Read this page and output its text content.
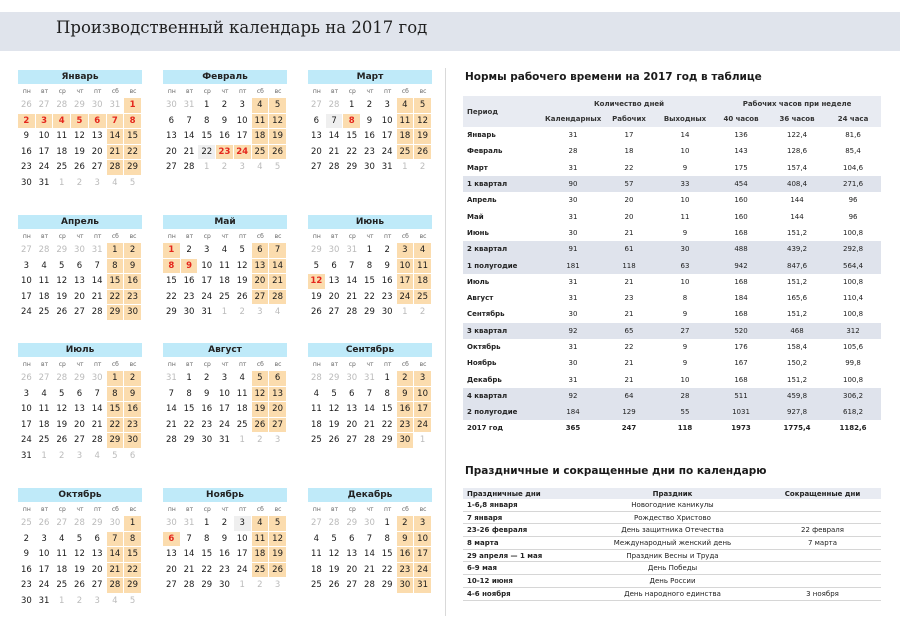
Производственный календарь на 2017 год
Январь
пн	вт	ср	чт	пт	сб	вс
26 27 28 29 30 31	1
2	3	4	5	6	7	8
9	10 11 12 13 14 15
16 17 18 19 20 21 22
23 24 25 26 27 28 29
30 31	1	2	3	4	5
Февраль
пн	вт	ср	чт	пт	сб	вс
30 31	1	2	3	4	5
6	7	8	9	10 11 12
13 14 15 16 17 18 19
20 21 22 23 24 25 26
27 28	1	2	3	4	5
Март
пн	вт	ср	чт	пт	сб	вс
27 28	1	2	3	4	5
6	7	8	9	10 11 12
13 14 15 16 17 18 19
20 21 22 23 24 25 26
27 28 29 30 31	1	2
Апрель
пн	вт	ср	чт	пт	сб	вс
27 28 29 30 31	1	2
3	4	5	6	7	8	9
10 11 12 13 14 15 16
17 18 19 20 21 22 23
24 25 26 27 28 29 30
Май
пн	вт	ср	чт	пт	сб	вс
1	2	3	4	5	6	7
8	9	10 11 12 13 14
15 16 17 18 19 20 21
22 23 24 25 26 27 28
29 30 31	1	2	3	4
Июнь
пн	вт	ср	чт	пт	сб	вс
29 30 31	1	2	3	4
5	6	7	8	9	10 11
12 13 14 15 16 17 18
19 20 21 22 23 24 25
26 27 28 29 30	1	2
Июль
пн	вт	ср	чт	пт	сб	вс
26 27 28 29 30	1	2
3	4	5	6	7	8	9
10 11 12 13 14 15 16
17 18 19 20 21 22 23
24 25 26 27 28 29 30
31	1	2	3	4	5	6
Август
пн	вт	ср	чт	пт	сб	вс
31	1	2	3	4	5	6
7	8	9	10 11 12 13
14 15 16 17 18 19 20
21 22 23 24 25 26 27
28 29 30 31	1	2	3
Сентябрь
пн	вт	ср	чт	пт	сб	вс
28 29 30 31	1	2	3
4	5	6	7	8	9	10
11 12 13 14 15 16 17
18 19 20 21 22 23 24
25 26 27 28 29 30	1
Октябрь
пн	вт	ср	чт	пт	сб	вс
25 26 27 28 29 30	1
2	3	4	5	6	7	8
9	10 11 12 13 14 15
16 17 18 19 20 21 22
23 24 25 26 27 28 29
30 31	1	2	3	4	5
Ноябрь
пн	вт	ср	чт	пт	сб	вс
30 31	1	2	3	4	5
6	7	8	9	10 11 12
13 14 15 16 17 18 19
20 21 22 23 24 25 26
27 28 29 30	1	2	3
Декабрь
пн	вт	ср	чт	пт	сб	вс
27 28 29 30	1	2	3
4	5	6	7	8	9	10
11 12 13 14 15 16 17
18 19 20 21 22 23 24
25 26 27 28 29 30 31
Нормы рабочего времени на 2017 год в таблице
Период	Количество дней			Рабочих часов при неделе		
	Календарных	Рабочих	Выходных	40 часов	36 часов	24 часа
Январь	31	17	14	136	122,4	81,6
Февраль	28	18	10	143	128,6	85,4
Март	31	22	9	175	157,4	104,6
1 квартал	90	57	33	454	408,4	271,6
Апрель	30	20	10	160	144	96
Май	31	20	11	160	144	96
Июнь	30	21	9	168	151,2	100,8
2 квартал	91	61	30	488	439,2	292,8
1 полугодие	181	118	63	942	847,6	564,4
Июль	31	21	10	168	151,2	100,8
Август	31	23	8	184	165,6	110,4
Сентябрь	30	21	9	168	151,2	100,8
3 квартал	92	65	27	520	468	312
Октябрь	31	22	9	176	158,4	105,6
Ноябрь	30	21	9	167	150,2	99,8
Декабрь	31	21	10	168	151,2	100,8
4 квартал	92	64	28	511	459,8	306,2
2 полугодие	184	129	55	1031	927,8	618,2
2017 год	365	247	118	1973	1775,4	1182,6
Праздничные и сокращенные дни по календарю
Праздничные дни	Праздник	Сокращенные дни
1-6,8 января	Новогодние каникулы	
7 января	Рождество Христово	
23-26 февраля	День защитника Отечества	22 февраля
8 марта	Международный женский день	7 марта
29 апреля — 1 мая	Праздник Весны и Труда	
6-9 мая	День Победы	
10-12 июня	День России	
4-6 ноября	День народного единства	3 ноября
